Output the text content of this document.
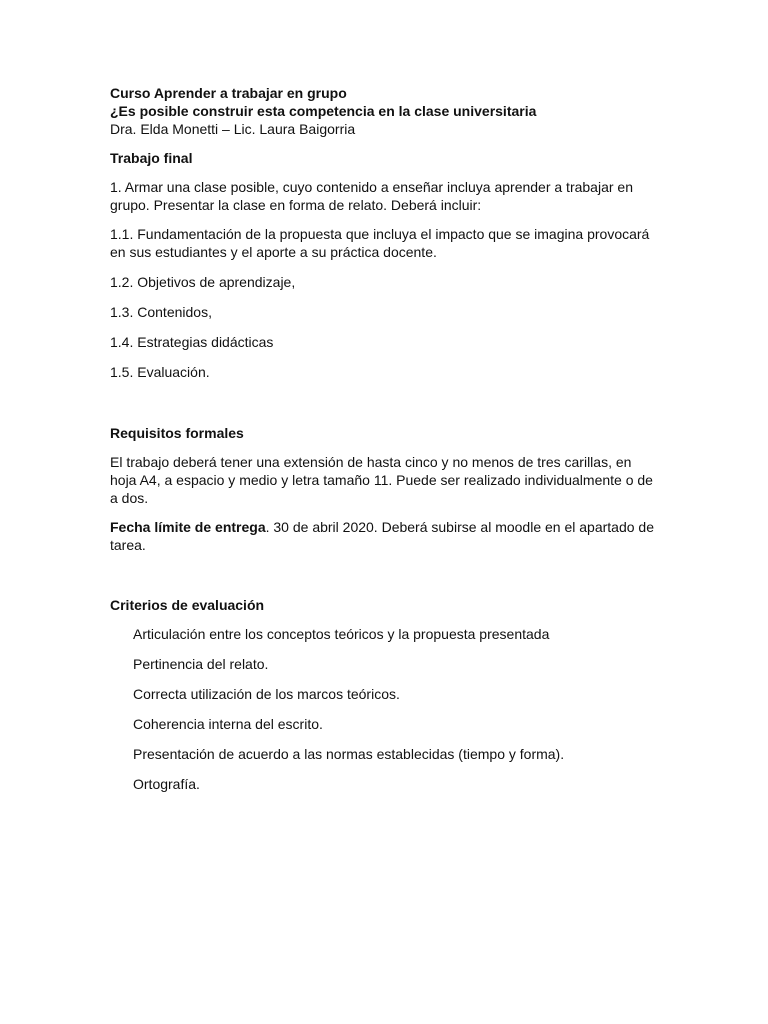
Curso Aprender a trabajar en grupo
¿Es posible construir esta competencia en la clase universitaria
Dra. Elda Monetti – Lic. Laura Baigorria

Trabajo final

1. Armar una clase posible, cuyo contenido a enseñar incluya aprender a trabajar en grupo. Presentar la clase en forma de relato. Deberá incluir:

1.1. Fundamentación de la propuesta que incluya el impacto que se imagina provocará en sus estudiantes y el aporte a su práctica docente.

1.2. Objetivos de aprendizaje,

1.3. Contenidos,

1.4. Estrategias didácticas

1.5. Evaluación.

Requisitos formales

El trabajo deberá tener una extensión de hasta cinco y no menos de tres carillas, en hoja A4, a espacio y medio y letra tamaño 11. Puede ser realizado individualmente o de a dos.

Fecha límite de entrega. 30 de abril 2020. Deberá subirse al moodle en el apartado de tarea.

Criterios de evaluación

Articulación entre los conceptos teóricos y la propuesta presentada
Pertinencia del relato.
Correcta utilización de los marcos teóricos.
Coherencia interna del escrito.
Presentación de acuerdo a las normas establecidas (tiempo y forma).
Ortografía.
